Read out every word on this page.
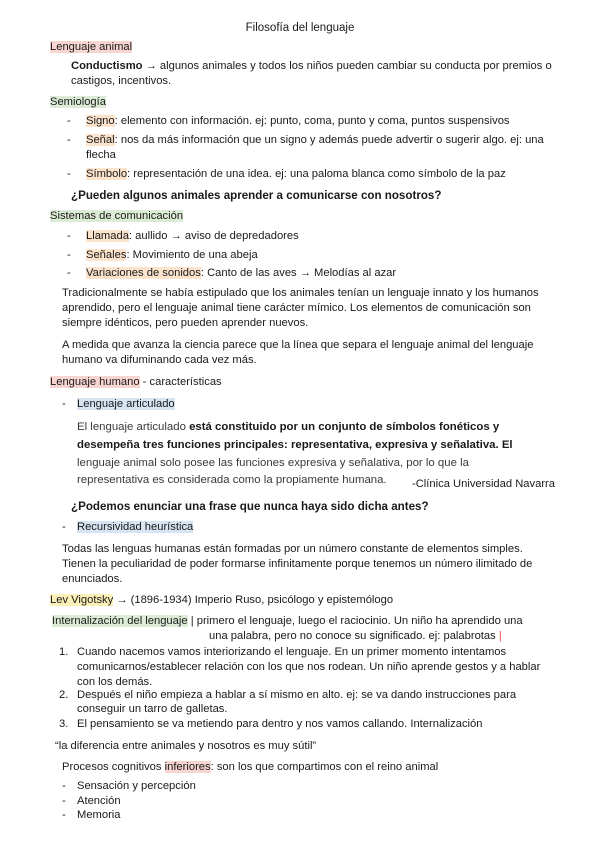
Filosofía del lenguaje
Lenguaje animal
Conductismo → algunos animales y todos los niños pueden cambiar su conducta por premios o
castigos, incentivos.
Semiología
- Signo: elemento con información. ej: punto, coma, punto y coma, puntos suspensivos
- Señal: nos da más información que un signo y además puede advertir o sugerir algo. ej: una
flecha
- Símbolo: representación de una idea. ej: una paloma blanca como símbolo de la paz
¿Pueden algunos animales aprender a comunicarse con nosotros?
Sistemas de comunicación
- Llamada: aullido → aviso de depredadores
- Señales: Movimiento de una abeja
- Variaciones de sonidos: Canto de las aves → Melodías al azar
Tradicionalmente se había estipulado que los animales tenían un lenguaje innato y los humanos
aprendido, pero el lenguaje animal tiene carácter mímico. Los elementos de comunicación son
siempre idénticos, pero pueden aprender nuevos.
A medida que avanza la ciencia parece que la línea que separa el lenguaje animal del lenguaje
humano va difuminando cada vez más.
Lenguaje humano - características
- Lenguaje articulado
El lenguaje articulado está constituido por un conjunto de símbolos fonéticos y
desempeña tres funciones principales: representativa, expresiva y señalativa. El
lenguaje animal solo posee las funciones expresiva y señalativa, por lo que la
representativa es considerada como la propiamente humana. -Clínica Universidad Navarra
¿Podemos enunciar una frase que nunca haya sido dicha antes?
- Recursividad heurística
Todas las lenguas humanas están formadas por un número constante de elementos simples.
Tienen la peculiaridad de poder formarse infinitamente porque tenemos un número ilimitado de
enunciados.
Lev Vigotsky → (1896-1934) Imperio Ruso, psicólogo y epistemólogo
Internalización del lenguaje | primero el lenguaje, luego el raciocinio. Un niño ha aprendido una
una palabra, pero no conoce su significado. ej: palabrotas |
1. Cuando nacemos vamos interiorizando el lenguaje. En un primer momento intentamos
comunicarnos/establecer relación con los que nos rodean. Un niño aprende gestos y a hablar
con los demás.
2. Después el niño empieza a hablar a sí mismo en alto. ej: se va dando instrucciones para
conseguir un tarro de galletas.
3. El pensamiento se va metiendo para dentro y nos vamos callando. Internalización
“la diferencia entre animales y nosotros es muy sútil”
Procesos cognitivos inferiores: son los que compartimos con el reino animal
- Sensación y percepción
- Atención
- Memoria
